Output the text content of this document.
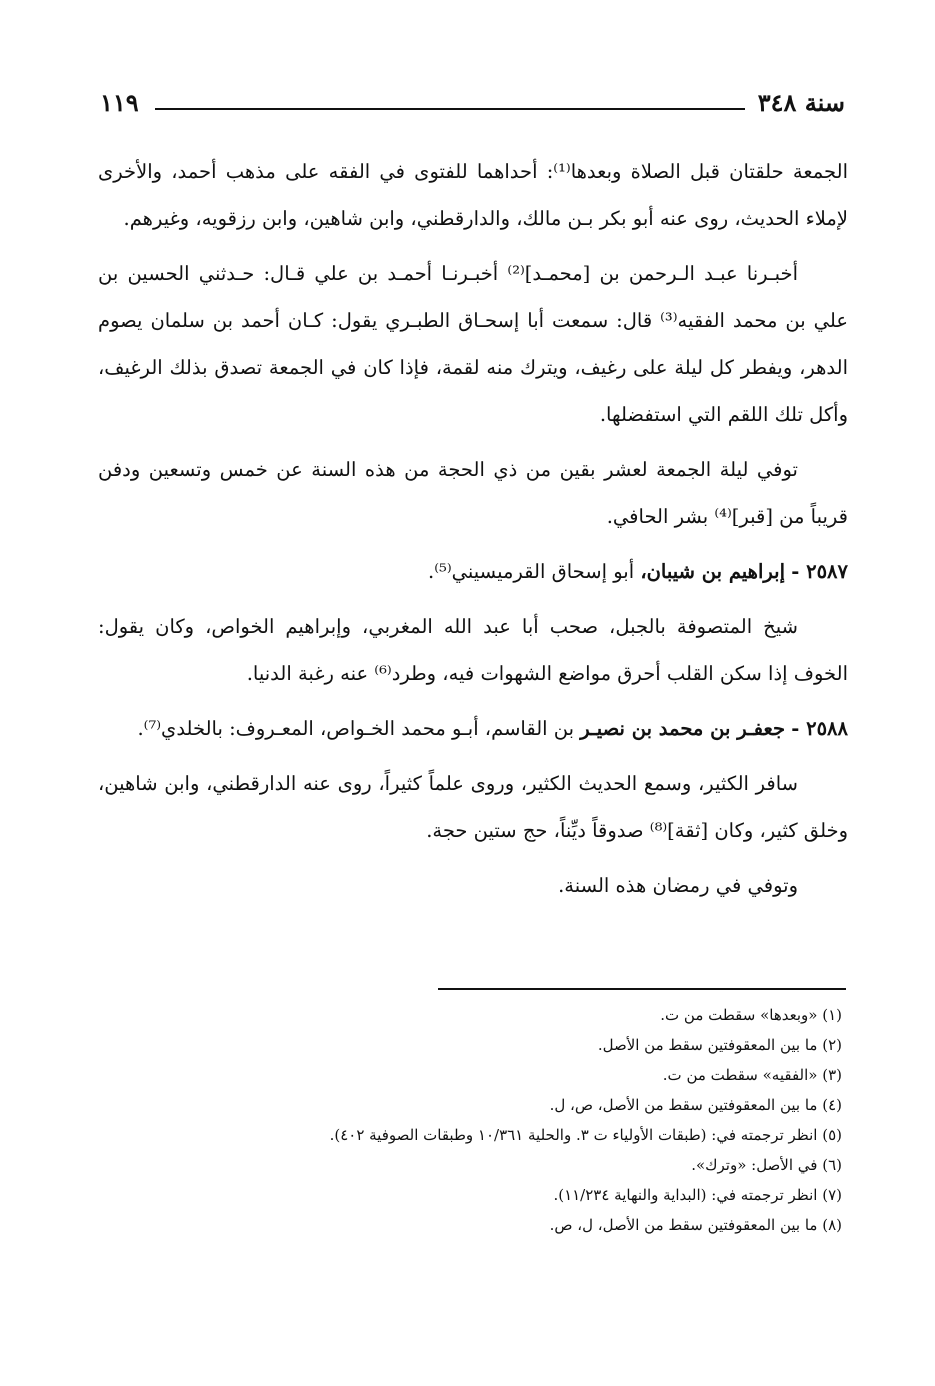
سنة ٣٤٨
١١٩

الجمعة حلقتان قبل الصلاة وبعدها⁽¹⁾: أحداهما للفتوى في الفقه على مذهب أحمد، والأخرى لإملاء الحديث، روى عنه أبو بكر بـن مالك، والدارقطني، وابن شاهين، وابن رزقويه، وغيرهم.

أخبـرنا عبـد الـرحمن بن [محمـد]⁽²⁾ أخبـرنـا أحمـد بن علي قـال: حـدثني الحسين بن علي بن محمد الفقيه⁽³⁾ قال: سمعت أبا إسحـاق الطبـري يقول: كـان أحمد بن سلمان يصوم الدهر، ويفطر كل ليلة على رغيف، ويترك منه لقمة، فإذا كان في الجمعة تصدق بذلك الرغيف، وأكل تلك اللقم التي استفضلها.

توفي ليلة الجمعة لعشر بقين من ذي الحجة من هذه السنة عن خمس وتسعين ودفن قريباً من [قبر]⁽⁴⁾ بشر الحافي.

٢٥٨٧ - إبراهيم بن شيبان، أبو إسحاق القرميسيني⁽⁵⁾.

شيخ المتصوفة بالجبل، صحب أبا عبد الله المغربي، وإبراهيم الخواص، وكان يقول: الخوف إذا سكن القلب أحرق مواضع الشهوات فيه، وطرد⁽⁶⁾ عنه رغبة الدنيا.

٢٥٨٨ - جعفـر بن محمد بن نصيـر بن القاسم، أبـو محمد الخـواص، المعـروف: بالخلدي⁽⁷⁾.

سافر الكثير، وسمع الحديث الكثير، وروى علماً كثيراً، روى عنه الدارقطني، وابن شاهين، وخلق كثير، وكان [ثقة]⁽⁸⁾ صدوقاً ديِّناً، حج ستين حجة.

وتوفي في رمضان هذه السنة.

(١) «وبعدها» سقطت من ت.

(٢) ما بين المعقوفتين سقط من الأصل.

(٣) «الفقيه» سقطت من ت.

(٤) ما بين المعقوفتين سقط من الأصل، ص، ل.

(٥) انظر ترجمته في: (طبقات الأولياء ت ٣. والحلية ١٠/٣٦١ وطبقات الصوفية ٤٠٢).

(٦) في الأصل: «وترك».

(٧) انظر ترجمته في: (البداية والنهاية ١١/٢٣٤).

(٨) ما بين المعقوفتين سقط من الأصل، ل، ص.
